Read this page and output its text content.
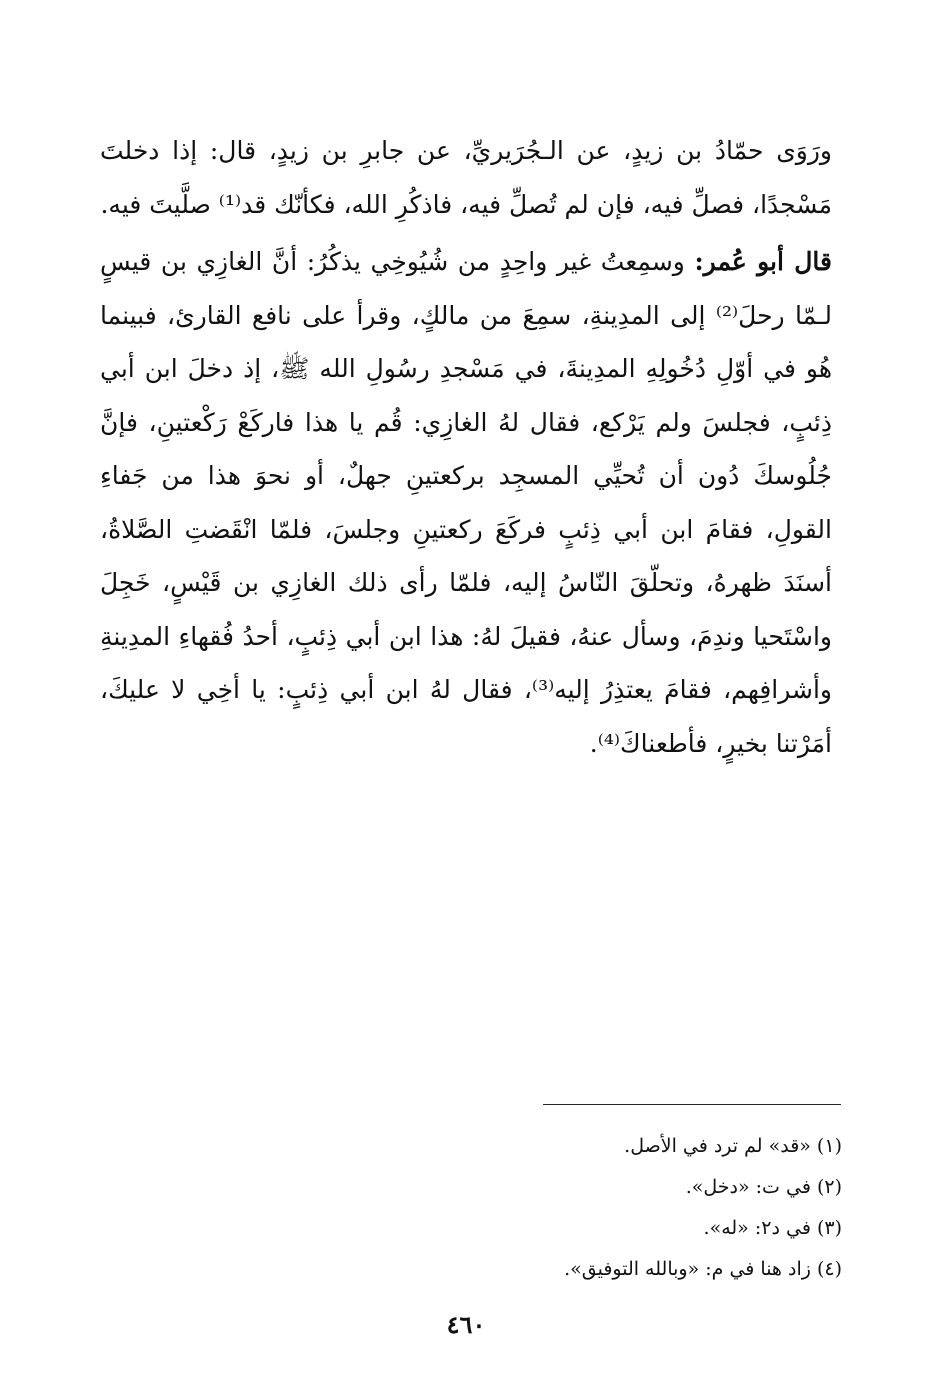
ورَوَى حمّادُ بن زيدٍ، عن الـجُرَيريِّ، عن جابرِ بن زيدٍ، قال: إذا دخلتَ مَسْجدًا، فصلِّ فيه، فإن لم تُصلِّ فيه، فاذكُرِ الله، فكأنّك قد⁽¹⁾ صلَّيتَ فيه.

قال أبو عُمر: وسمِعتُ غير واحِدٍ من شُيُوخِي يذكُرُ: أنَّ الغازِي بن قيسٍ لـمّا رحلَ⁽²⁾ إلى المدِينةِ، سمِعَ من مالكٍ، وقرأ على نافع القارئ، فبينما هُو في أوّلِ دُخُولِهِ المدِينةَ، في مَسْجدِ رسُولِ الله ﷺ، إذ دخلَ ابن أبي ذِئبٍ، فجلسَ ولم يَرْكع، فقال لهُ الغازِي: قُم يا هذا فاركَعْ رَكْعتينِ، فإنَّ جُلُوسكَ دُون أن تُحيِّي المسجِد بركعتينِ جهلٌ، أو نحوَ هذا من جَفاءِ القولِ، فقامَ ابن أبي ذِئبٍ فركَعَ ركعتينِ وجلسَ، فلمّا انْقَضتِ الصَّلاةُ، أسنَدَ ظهرهُ، وتحلّقَ النّاسُ إليه، فلمّا رأى ذلك الغازِي بن قَيْسٍ، خَجِلَ واسْتَحيا وندِمَ، وسأل عنهُ، فقيلَ لهُ: هذا ابن أبي ذِئبٍ، أحدُ فُقهاءِ المدِينةِ وأشرافِهم، فقامَ يعتذِرُ إليه⁽³⁾، فقال لهُ ابن أبي ذِئبٍ: يا أخِي لا عليكَ، أمَرْتنا بخيرٍ، فأطعناكَ⁽⁴⁾.

(١) «قد» لم ترد في الأصل.

(٢) في ت: «دخل».

(٣) في د٢: «له».

(٤) زاد هنا في م: «وبالله التوفيق».

٤٦٠
